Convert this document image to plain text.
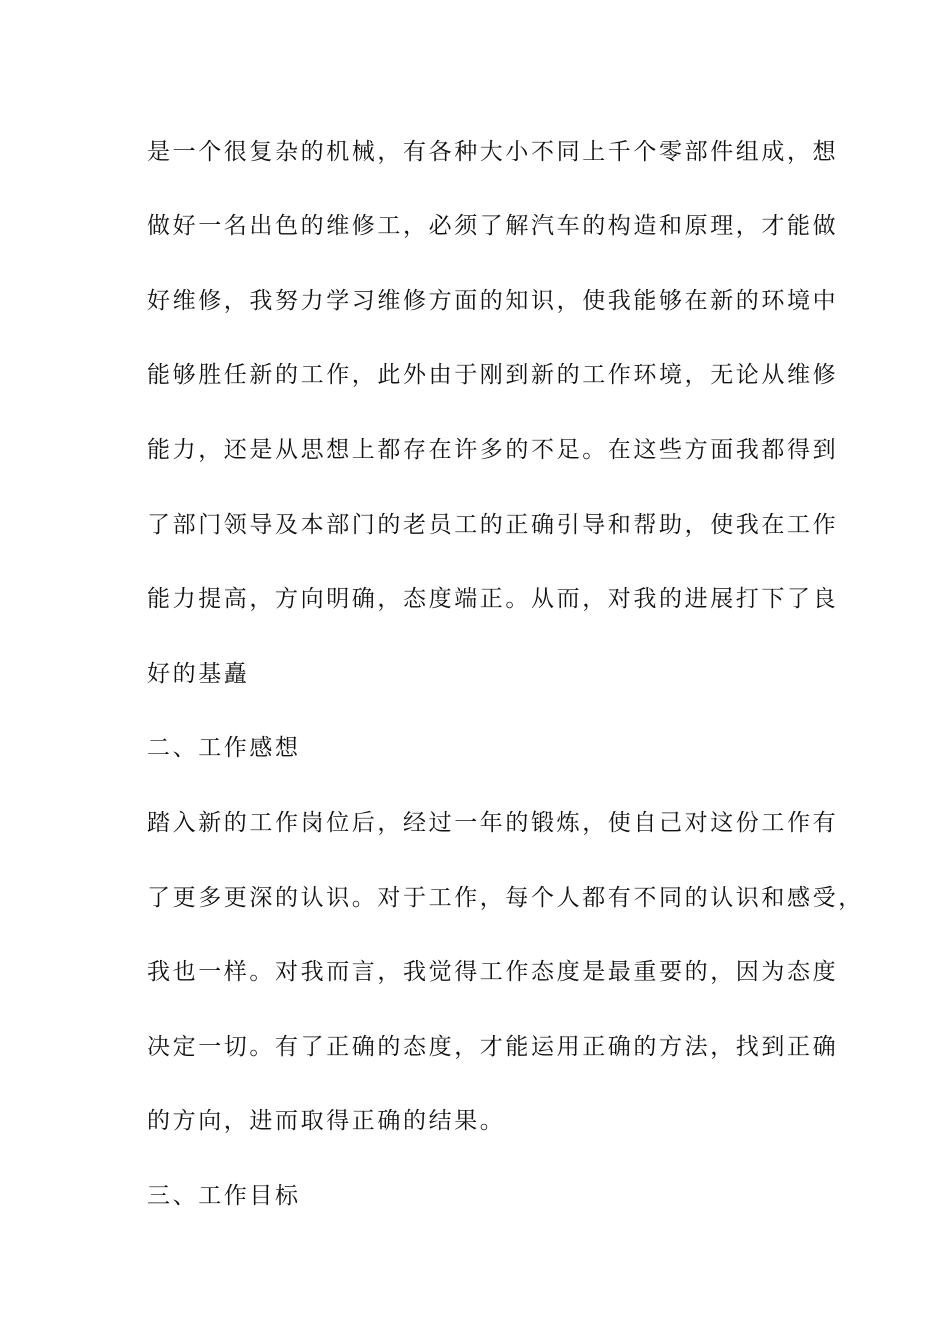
是一个很复杂的机械，有各种大小不同上千个零部件组成，想

做好一名出色的维修工，必须了解汽车的构造和原理，才能做

好维修，我努力学习维修方面的知识，使我能够在新的环境中

能够胜任新的工作，此外由于刚到新的工作环境，无论从维修

能力，还是从思想上都存在许多的不足。在这些方面我都得到

了部门领导及本部门的老员工的正确引导和帮助，使我在工作

能力提高，方向明确，态度端正。从而，对我的进展打下了良

好的基矗

二、工作感想

踏入新的工作岗位后，经过一年的锻炼，使自己对这份工作有

了更多更深的认识。对于工作，每个人都有不同的认识和感受，

我也一样。对我而言，我觉得工作态度是最重要的，因为态度

决定一切。有了正确的态度，才能运用正确的方法，找到正确

的方向，进而取得正确的结果。

三、工作目标
